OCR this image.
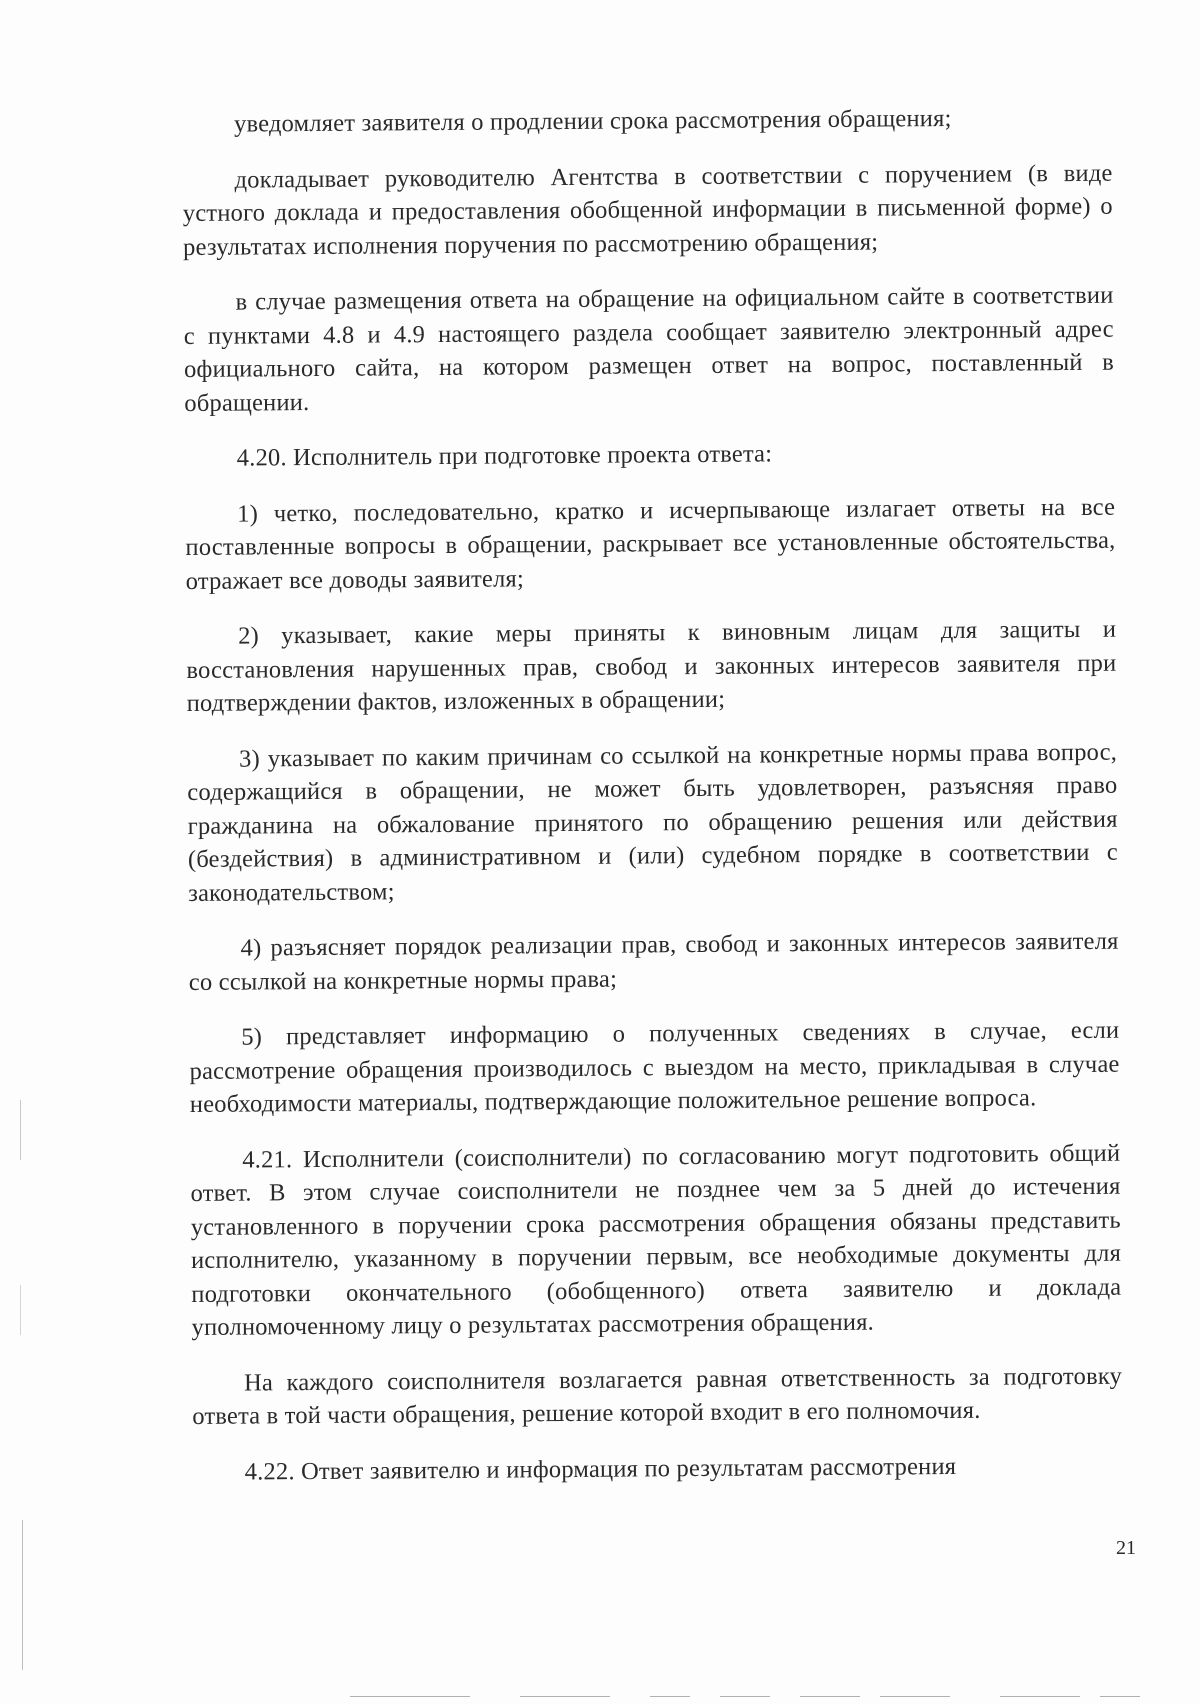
уведомляет заявителя о продлении срока рассмотрения обращения;

докладывает руководителю Агентства в соответствии с поручением (в виде устного доклада и предоставления обобщенной информации в письменной форме) о результатах исполнения поручения по рассмотрению обращения;

в случае размещения ответа на обращение на официальном сайте в соответствии с пунктами 4.8 и 4.9 настоящего раздела сообщает заявителю электронный адрес официального сайта, на котором размещен ответ на вопрос, поставленный в обращении.

4.20. Исполнитель при подготовке проекта ответа:

1) четко, последовательно, кратко и исчерпывающе излагает ответы на все поставленные вопросы в обращении, раскрывает все установленные обстоятельства, отражает все доводы заявителя;

2) указывает, какие меры приняты к виновным лицам для защиты и восстановления нарушенных прав, свобод и законных интересов заявителя при подтверждении фактов, изложенных в обращении;

3) указывает по каким причинам со ссылкой на конкретные нормы права вопрос, содержащийся в обращении, не может быть удовлетворен, разъясняя право гражданина на обжалование принятого по обращению решения или действия (бездействия) в административном и (или) судебном порядке в соответствии с законодательством;

4) разъясняет порядок реализации прав, свобод и законных интересов заявителя со ссылкой на конкретные нормы права;

5) представляет информацию о полученных сведениях в случае, если рассмотрение обращения производилось с выездом на место, прикладывая в случае необходимости материалы, подтверждающие положительное решение вопроса.

4.21. Исполнители (соисполнители) по согласованию могут подготовить общий ответ. В этом случае соисполнители не позднее чем за 5 дней до истечения установленного в поручении срока рассмотрения обращения обязаны представить исполнителю, указанному в поручении первым, все необходимые документы для подготовки окончательного (обобщенного) ответа заявителю и доклада уполномоченному лицу о результатах рассмотрения обращения.

На каждого соисполнителя возлагается равная ответственность за подготовку ответа в той части обращения, решение которой входит в его полномочия.

4.22. Ответ заявителю и информация по результатам рассмотрения

21
